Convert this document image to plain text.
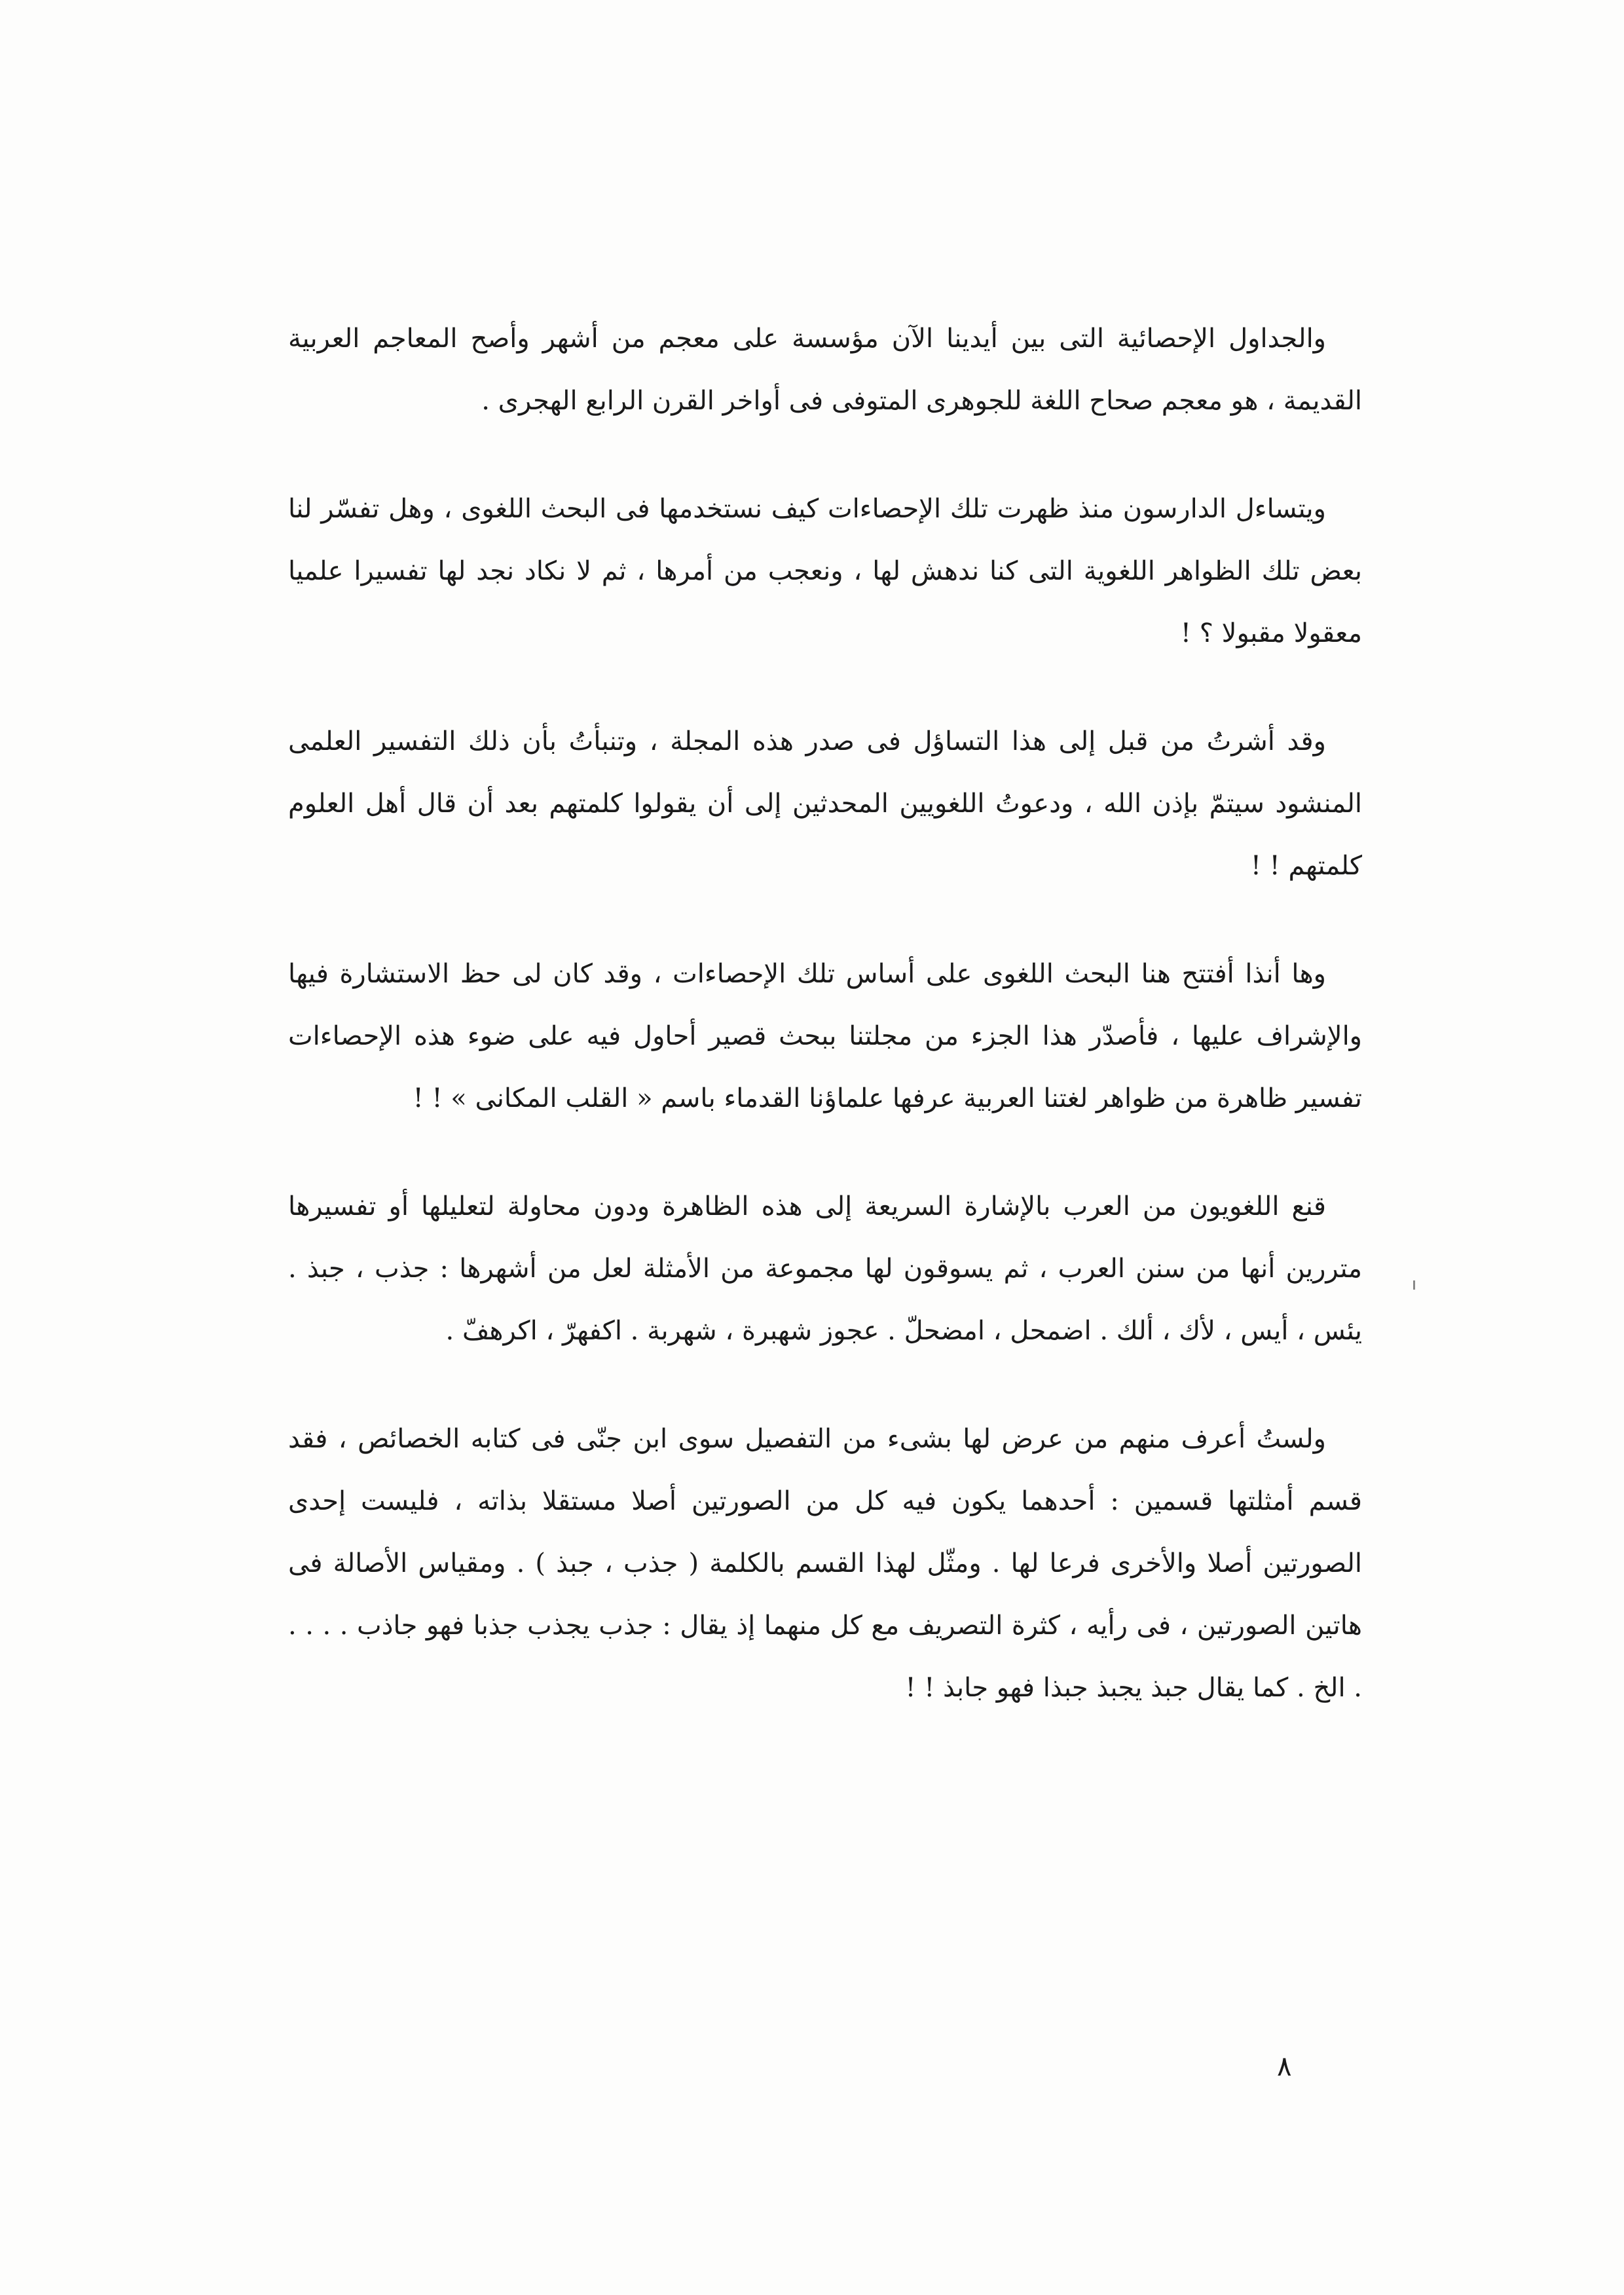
والجداول الإحصائية التى بين أيدينا الآن مؤسسة على معجم من أشهر وأصح المعاجم العربية القديمة ، هو معجم صحاح اللغة للجوهرى المتوفى فى أواخر القرن الرابع الهجرى .

ويتساءل الدارسون منذ ظهرت تلك الإحصاءات كيف نستخدمها فى البحث اللغوى ، وهل تفسّر لنا بعض تلك الظواهر اللغوية التى كنا ندهش لها ، ونعجب من أمرها ، ثم لا نكاد نجد لها تفسيرا علميا معقولا مقبولا ؟ !

وقد أشرتُ من قبل إلى هذا التساؤل فى صدر هذه المجلة ، وتنبأتُ بأن ذلك التفسير العلمى المنشود سيتمّ بإذن الله ، ودعوتُ اللغويين المحدثين إلى أن يقولوا كلمتهم بعد أن قال أهل العلوم كلمتهم ! !

وها أنذا أفتتح هنا البحث اللغوى على أساس تلك الإحصاءات ، وقد كان لى حظ الاستشارة فيها والإشراف عليها ، فأصدّر هذا الجزء من مجلتنا ببحث قصير أحاول فيه على ضوء هذه الإحصاءات تفسير ظاهرة من ظواهر لغتنا العربية عرفها علماؤنا القدماء باسم « القلب المكانى » ! !

قنع اللغويون من العرب بالإشارة السريعة إلى هذه الظاهرة ودون محاولة لتعليلها أو تفسيرها متررين أنها من سنن العرب ، ثم يسوقون لها مجموعة من الأمثلة لعل من أشهرها : جذب ، جبذ . يئس ، أيس ، لأك ، ألك . اضمحل ، امضحلّ . عجوز شهبرة ، شهربة . اكفهرّ ، اكرهفّ .

ولستُ أعرف منهم من عرض لها بشىء من التفصيل سوى ابن جنّى فى كتابه الخصائص ، فقد قسم أمثلتها قسمين : أحدهما يكون فيه كل من الصورتين أصلا مستقلا بذاته ، فليست إحدى الصورتين أصلا والأخرى فرعا لها . ومثّل لهذا القسم بالكلمة ( جذب ، جبذ ) . ومقياس الأصالة فى هاتين الصورتين ، فى رأيه ، كثرة التصريف مع كل منهما إذ يقال : جذب يجذب جذبا فهو جاذب . . . . . الخ . كما يقال جبذ يجبذ جبذا فهو جابذ ! !

٨
